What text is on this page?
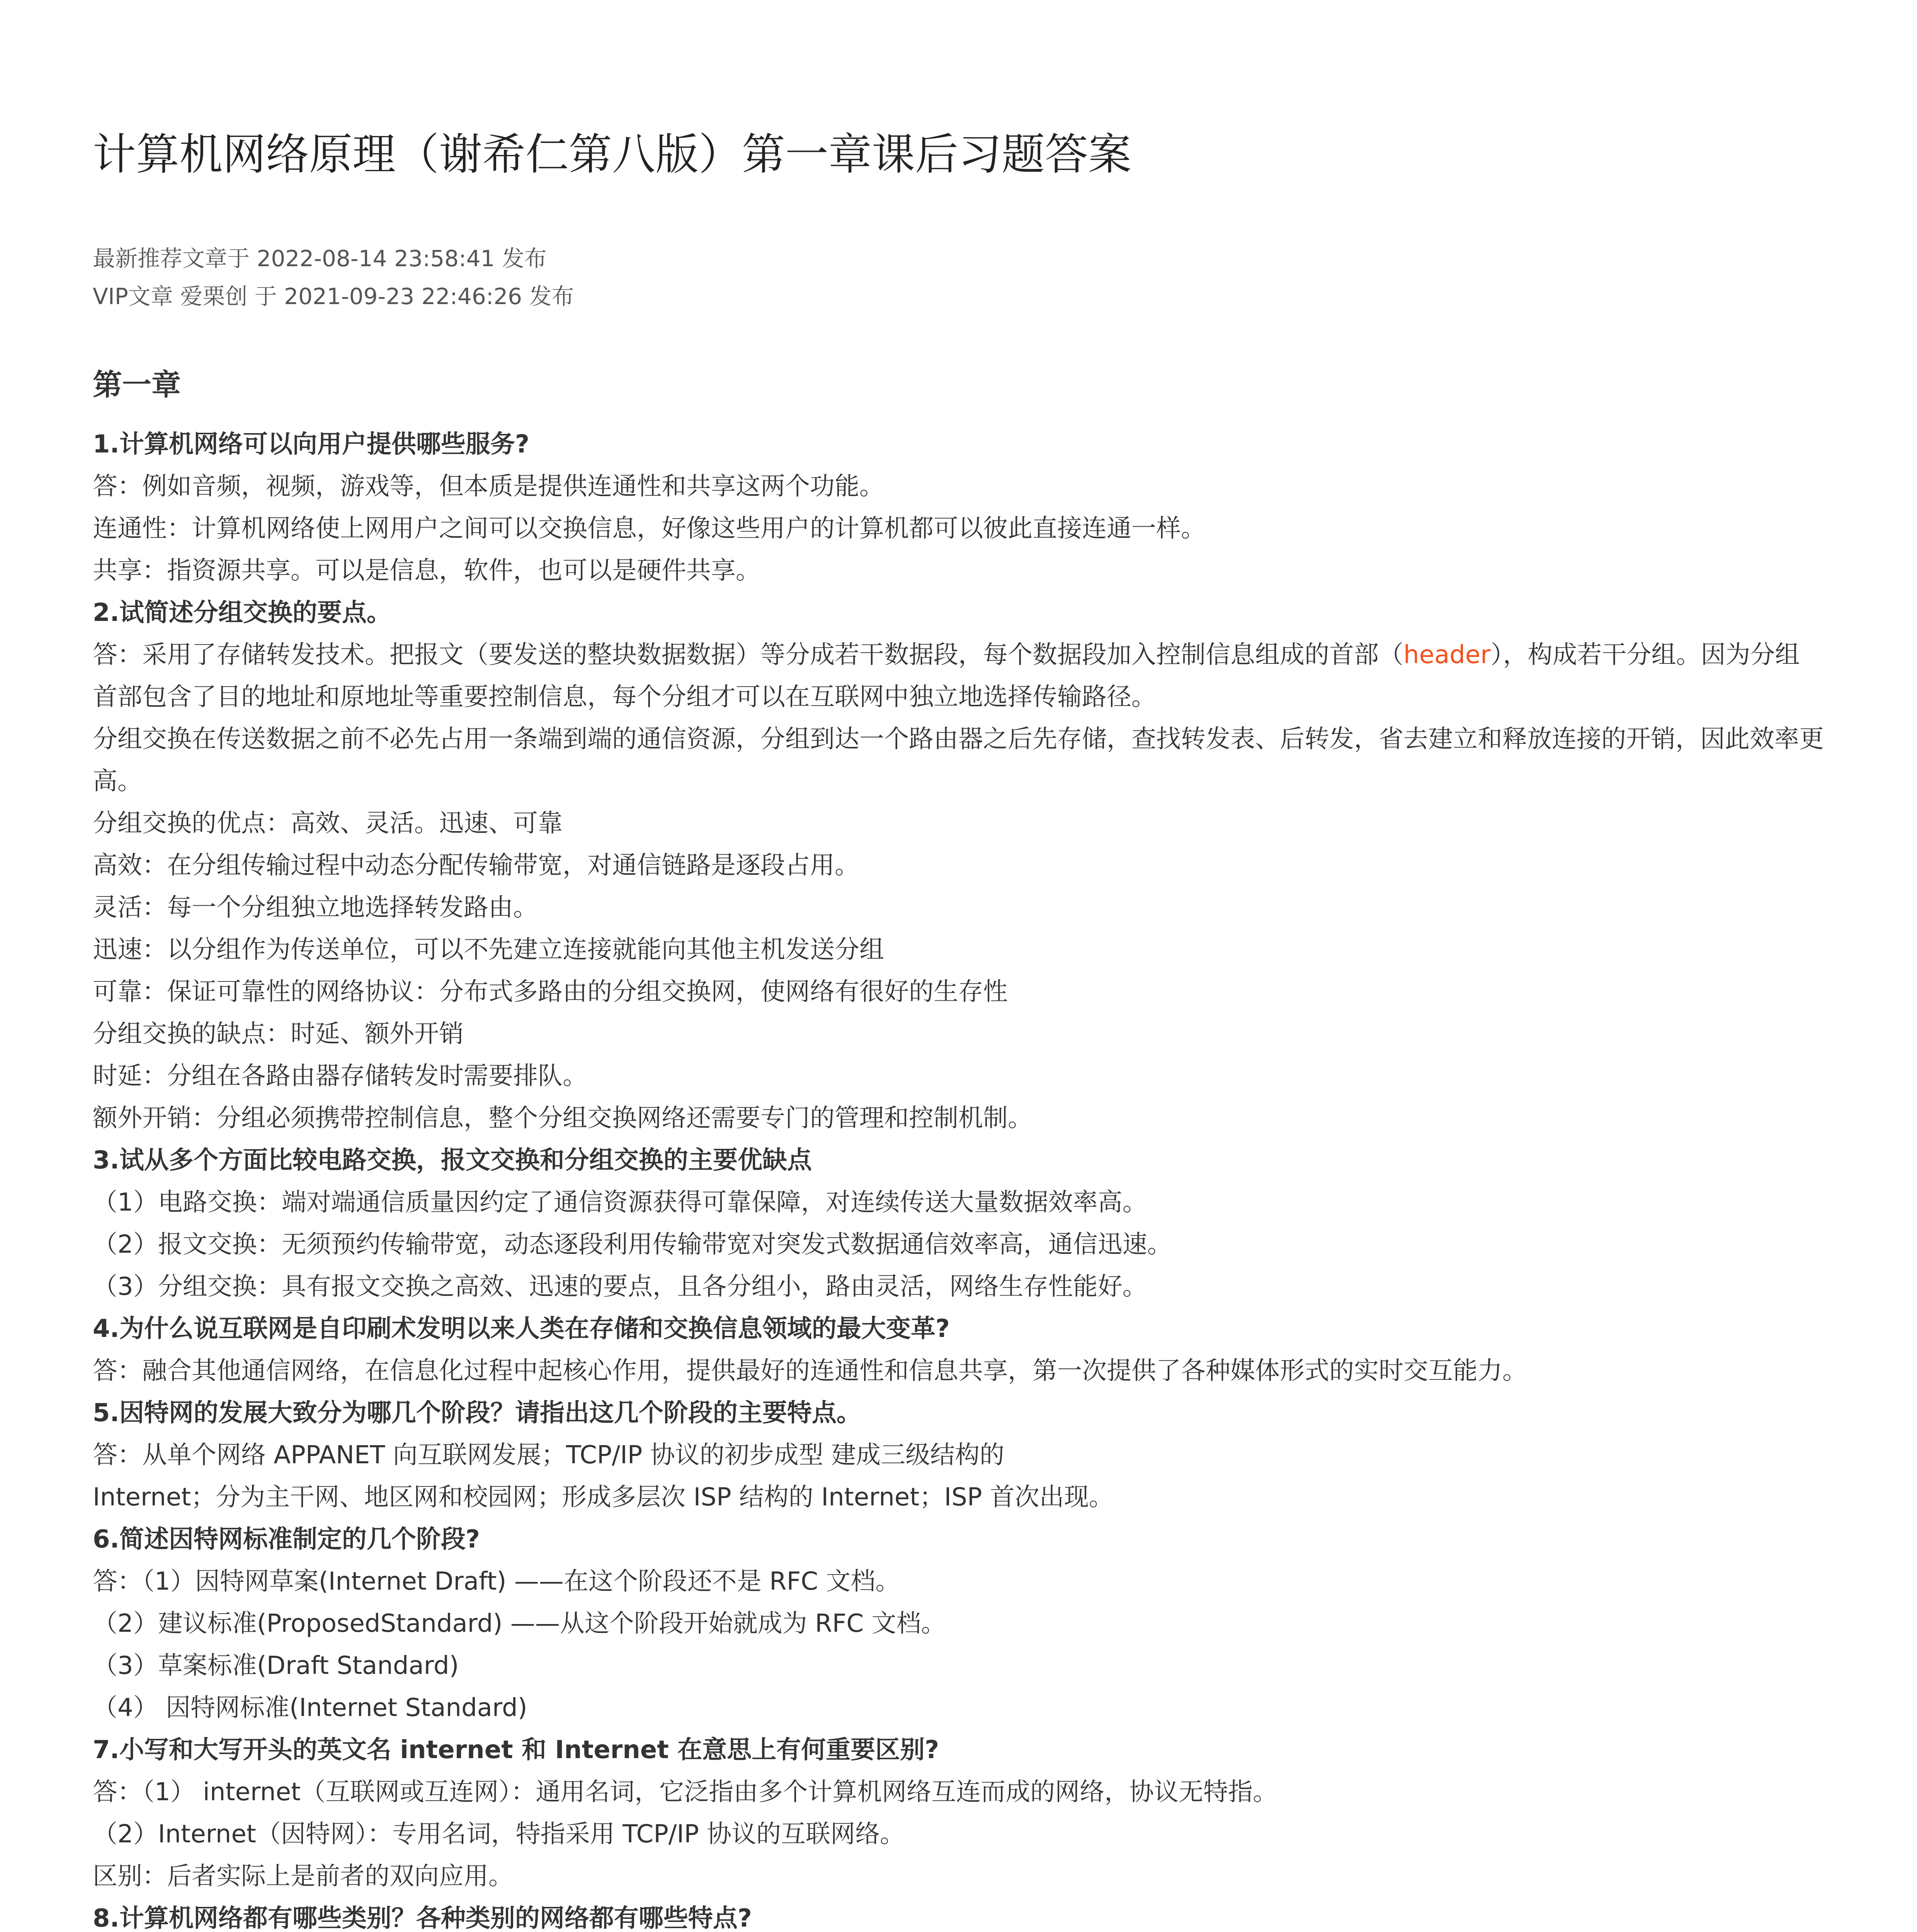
计算机网络原理（谢希仁第八版）第一章课后习题答案
最新推荐文章于 2022-08-14 23:58:41 发布
VIP文章 爱栗创 于 2021-09-23 22:46:26 发布
第一章
1.计算机网络可以向用户提供哪些服务?
答：例如音频，视频，游戏等，但本质是提供连通性和共享这两个功能。
连通性：计算机网络使上网用户之间可以交换信息，好像这些用户的计算机都可以彼此直接连通一样。
共享：指资源共享。可以是信息，软件，也可以是硬件共享。
2.试简述分组交换的要点。
答：采用了存储转发技术。把报文（要发送的整块数据数据）等分成若干数据段，每个数据段加入控制信息组成的首部（header），构成若干分组。因为分组首部包含了目的地址和原地址等重要控制信息，每个分组才可以在互联网中独立地选择传输路径。
分组交换在传送数据之前不必先占用一条端到端的通信资源，分组到达一个路由器之后先存储，查找转发表、后转发，省去建立和释放连接的开销，因此效率更高。
分组交换的优点：高效、灵活。迅速、可靠
高效：在分组传输过程中动态分配传输带宽，对通信链路是逐段占用。
灵活：每一个分组独立地选择转发路由。
迅速：以分组作为传送单位，可以不先建立连接就能向其他主机发送分组
可靠：保证可靠性的网络协议：分布式多路由的分组交换网，使网络有很好的生存性
分组交换的缺点：时延、额外开销
时延：分组在各路由器存储转发时需要排队。
额外开销：分组必须携带控制信息，整个分组交换网络还需要专门的管理和控制机制。
3.试从多个方面比较电路交换，报文交换和分组交换的主要优缺点
（1）电路交换：端对端通信质量因约定了通信资源获得可靠保障，对连续传送大量数据效率高。
（2）报文交换：无须预约传输带宽，动态逐段利用传输带宽对突发式数据通信效率高，通信迅速。
（3）分组交换：具有报文交换之高效、迅速的要点，且各分组小，路由灵活，网络生存性能好。
4.为什么说互联网是自印刷术发明以来人类在存储和交换信息领域的最大变革?
答：融合其他通信网络，在信息化过程中起核心作用，提供最好的连通性和信息共享，第一次提供了各种媒体形式的实时交互能力。
5.因特网的发展大致分为哪几个阶段？请指出这几个阶段的主要特点。
答：从单个网络 APPANET 向互联网发展；TCP/IP 协议的初步成型 建成三级结构的
Internet；分为主干网、地区网和校园网；形成多层次 ISP 结构的 Internet；ISP 首次出现。
6.简述因特网标准制定的几个阶段?
答：（1）因特网草案(Internet Draft) ——在这个阶段还不是 RFC 文档。
（2）建议标准(ProposedStandard) ——从这个阶段开始就成为 RFC 文档。
（3）草案标准(Draft Standard)
（4） 因特网标准(Internet Standard)
7.小写和大写开头的英文名 internet 和 Internet 在意思上有何重要区别?
答：（1） internet（互联网或互连网）：通用名词，它泛指由多个计算机网络互连而成的网络，协议无特指。
（2）Internet（因特网）：专用名词，特指采用 TCP/IP 协议的互联网络。
区别：后者实际上是前者的双向应用。
8.计算机网络都有哪些类别？各种类别的网络都有哪些特点?
